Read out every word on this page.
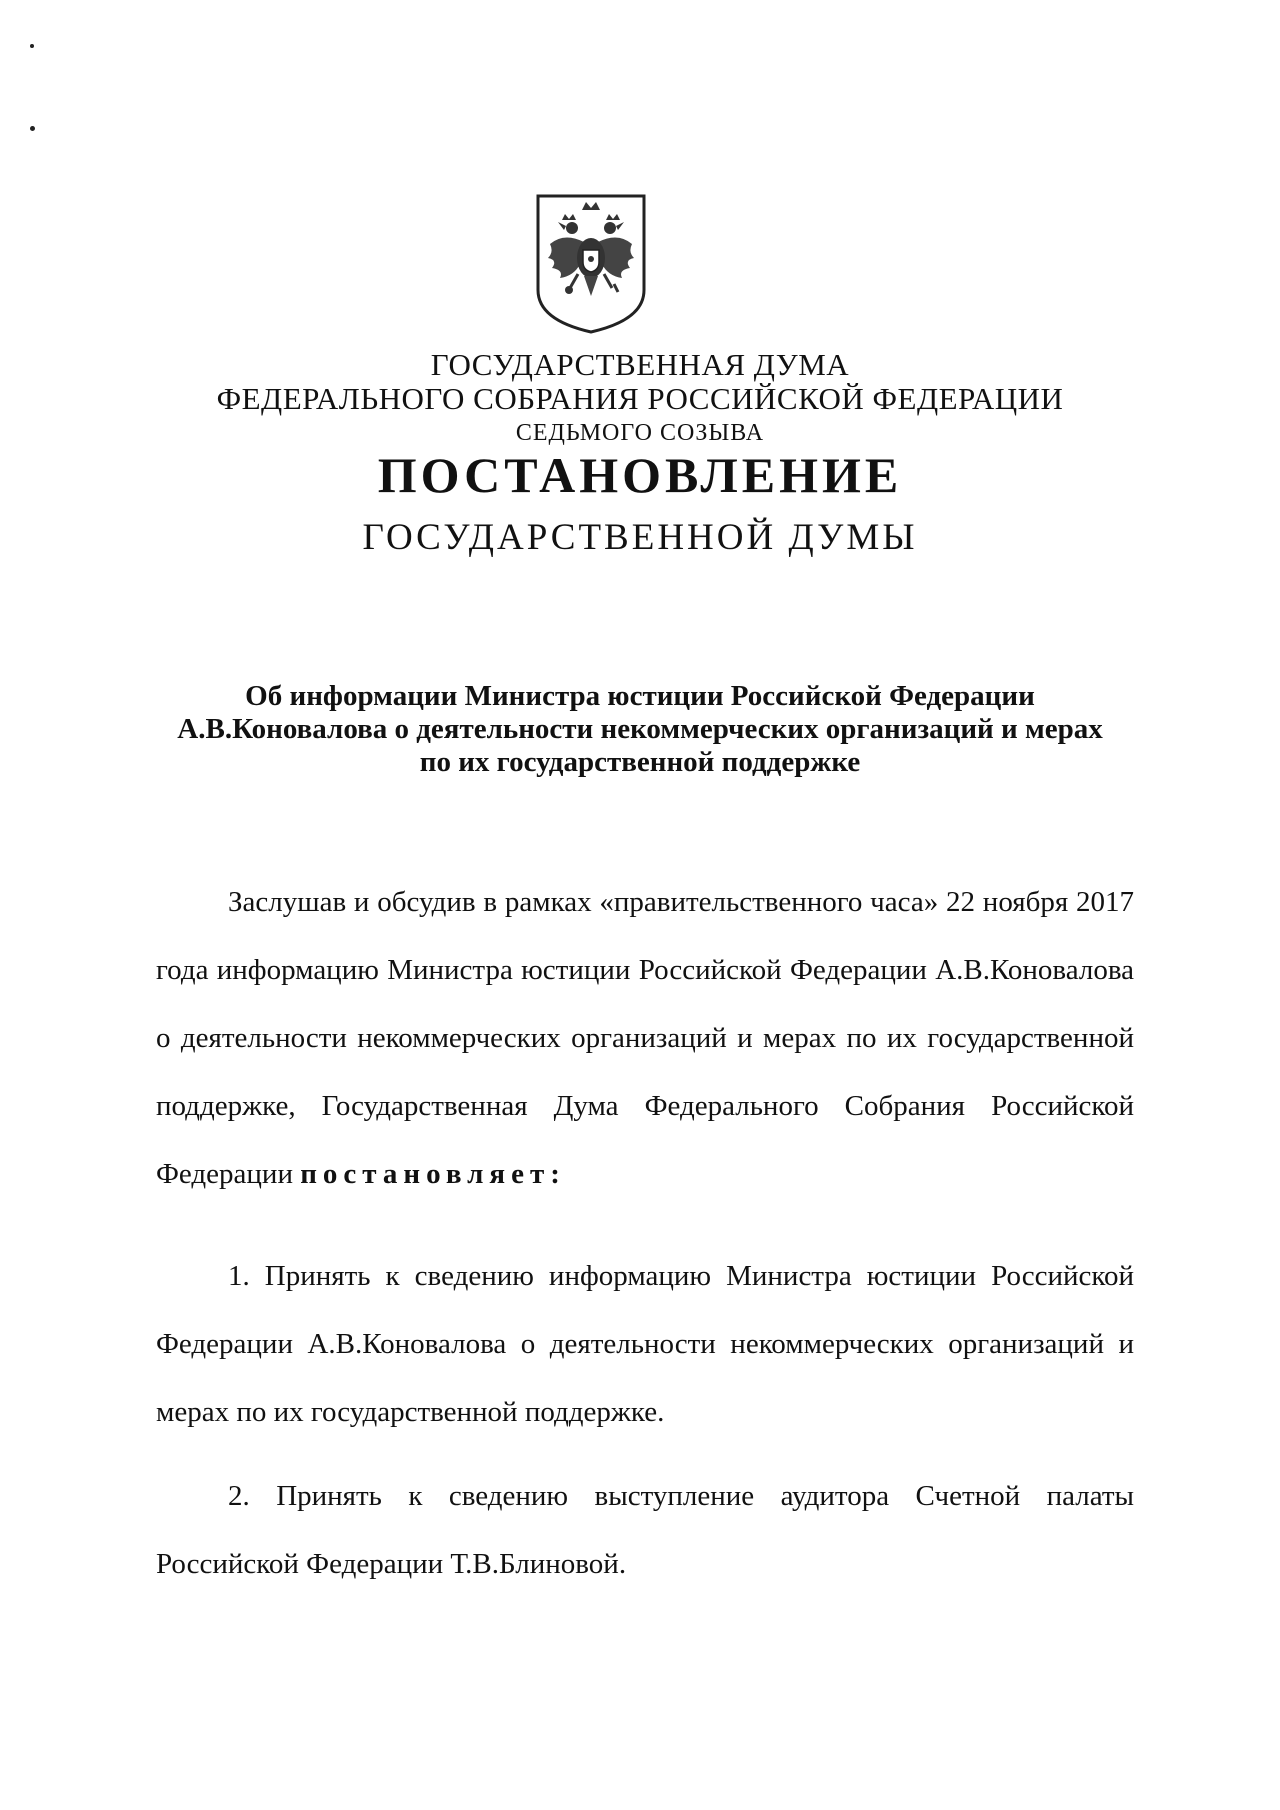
ГОСУДАРСТВЕННАЯ ДУМА
ФЕДЕРАЛЬНОГО СОБРАНИЯ РОССИЙСКОЙ ФЕДЕРАЦИИ
СЕДЬМОГО СОЗЫВА
ПОСТАНОВЛЕНИЕ
ГОСУДАРСТВЕННОЙ ДУМЫ
Об информации Министра юстиции Российской Федерации
А.В.Коновалова о деятельности некоммерческих организаций и мерах
по их государственной поддержке

Заслушав и обсудив в рамках «правительственного часа» 22 ноября 2017 года информацию Министра юстиции Российской Федерации А.В.Коновалова о деятельности некоммерческих организаций и мерах по их государственной поддержке, Государственная Дума Федерального Собрания Российской Федерации постановляет:

1. Принять к сведению информацию Министра юстиции Российской Федерации А.В.Коновалова о деятельности некоммерческих организаций и мерах по их государственной поддержке.

2. Принять к сведению выступление аудитора Счетной палаты Российской Федерации Т.В.Блиновой.
